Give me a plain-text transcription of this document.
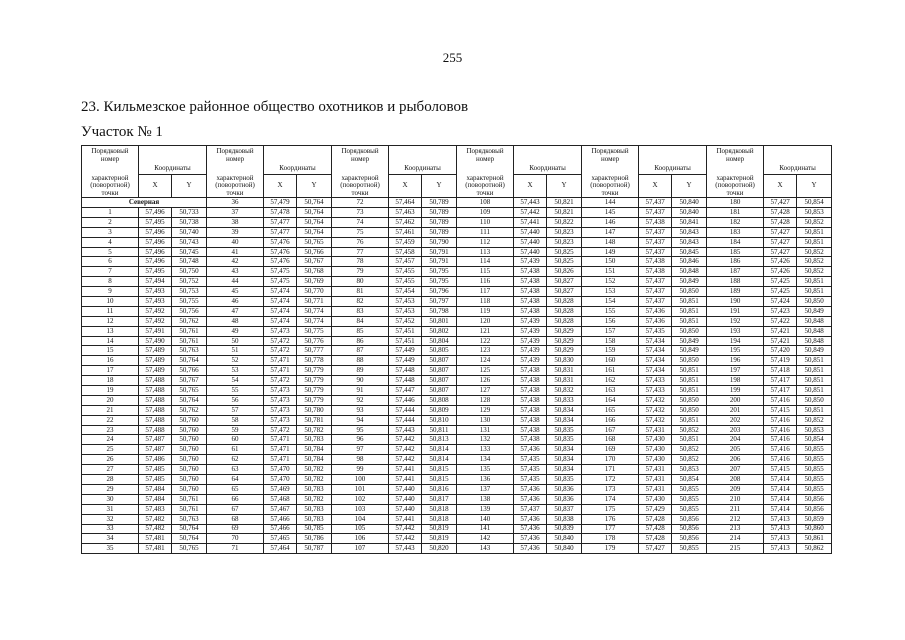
255
23. Кильмезское районное общество охотников и рыболовов
Участок № 1
Порядковый номер	Координаты		Порядковый номер	Координаты		Порядковый номер	Координаты		Порядковый номер	Координаты		Порядковый номер	Координаты		Порядковый номер	Координаты	
характерной (поворотной) точки	X	Y	характерной (поворотной) точки	X	Y	характерной (поворотной) точки	X	Y	характерной (поворотной) точки	X	Y	характерной (поворотной) точки	X	Y	характерной (поворотной) точки	X	Y
Северная			36	57,479	50,764	72	57,464	50,789	108	57,443	50,821	144	57,437	50,840	180	57,427	50,854
1	57,496	50,733	37	57,478	50,764	73	57,463	50,789	109	57,442	50,821	145	57,437	50,840	181	57,428	50,853
2	57,495	50,738	38	57,477	50,764	74	57,462	50,789	110	57,441	50,822	146	57,438	50,841	182	57,428	50,852
3	57,496	50,740	39	57,477	50,764	75	57,461	50,789	111	57,440	50,823	147	57,437	50,843	183	57,427	50,851
4	57,496	50,743	40	57,476	50,765	76	57,459	50,790	112	57,440	50,823	148	57,437	50,843	184	57,427	50,851
5	57,496	50,745	41	57,476	50,766	77	57,458	50,791	113	57,440	50,825	149	57,437	50,845	185	57,427	50,852
6	57,496	50,748	42	57,476	50,767	78	57,457	50,791	114	57,439	50,825	150	57,438	50,846	186	57,426	50,852
7	57,495	50,750	43	57,475	50,768	79	57,455	50,795	115	57,438	50,826	151	57,438	50,848	187	57,426	50,852
8	57,494	50,752	44	57,475	50,769	80	57,455	50,795	116	57,438	50,827	152	57,437	50,849	188	57,425	50,851
9	57,493	50,753	45	57,474	50,770	81	57,454	50,796	117	57,438	50,827	153	57,437	50,850	189	57,425	50,851
10	57,493	50,755	46	57,474	50,771	82	57,453	50,797	118	57,438	50,828	154	57,437	50,851	190	57,424	50,850
11	57,492	50,756	47	57,474	50,774	83	57,453	50,798	119	57,438	50,828	155	57,436	50,851	191	57,423	50,849
12	57,492	50,762	48	57,474	50,774	84	57,452	50,801	120	57,439	50,828	156	57,436	50,851	192	57,422	50,848
13	57,491	50,761	49	57,473	50,775	85	57,451	50,802	121	57,439	50,829	157	57,435	50,850	193	57,421	50,848
14	57,490	50,761	50	57,472	50,776	86	57,451	50,804	122	57,439	50,829	158	57,434	50,849	194	57,421	50,848
15	57,489	50,763	51	57,472	50,777	87	57,449	50,805	123	57,439	50,829	159	57,434	50,849	195	57,420	50,849
16	57,489	50,764	52	57,471	50,778	88	57,449	50,807	124	57,439	50,830	160	57,434	50,850	196	57,419	50,851
17	57,489	50,766	53	57,471	50,779	89	57,448	50,807	125	57,438	50,831	161	57,434	50,851	197	57,418	50,851
18	57,488	50,767	54	57,472	50,779	90	57,448	50,807	126	57,438	50,831	162	57,433	50,851	198	57,417	50,851
19	57,488	50,765	55	57,473	50,779	91	57,447	50,807	127	57,438	50,832	163	57,433	50,851	199	57,417	50,851
20	57,488	50,764	56	57,473	50,779	92	57,446	50,808	128	57,438	50,833	164	57,432	50,850	200	57,416	50,850
21	57,488	50,762	57	57,473	50,780	93	57,444	50,809	129	57,438	50,834	165	57,432	50,850	201	57,415	50,851
22	57,488	50,760	58	57,473	50,781	94	57,444	50,810	130	57,438	50,834	166	57,432	50,851	202	57,416	50,852
23	57,488	50,760	59	57,472	50,782	95	57,443	50,811	131	57,438	50,835	167	57,431	50,852	203	57,416	50,853
24	57,487	50,760	60	57,471	50,783	96	57,442	50,813	132	57,438	50,835	168	57,430	50,851	204	57,416	50,854
25	57,487	50,760	61	57,471	50,784	97	57,442	50,814	133	57,436	50,834	169	57,430	50,852	205	57,416	50,855
26	57,486	50,760	62	57,471	50,784	98	57,442	50,814	134	57,435	50,834	170	57,430	50,852	206	57,416	50,855
27	57,485	50,760	63	57,470	50,782	99	57,441	50,815	135	57,435	50,834	171	57,431	50,853	207	57,415	50,855
28	57,485	50,760	64	57,470	50,782	100	57,441	50,815	136	57,435	50,835	172	57,431	50,854	208	57,414	50,855
29	57,484	50,760	65	57,469	50,783	101	57,440	50,816	137	57,436	50,836	173	57,431	50,855	209	57,414	50,855
30	57,484	50,761	66	57,468	50,782	102	57,440	50,817	138	57,436	50,836	174	57,430	50,855	210	57,414	50,856
31	57,483	50,761	67	57,467	50,783	103	57,440	50,818	139	57,437	50,837	175	57,429	50,855	211	57,414	50,856
32	57,482	50,763	68	57,466	50,783	104	57,441	50,818	140	57,436	50,838	176	57,428	50,856	212	57,413	50,859
33	57,482	50,764	69	57,466	50,785	105	57,442	50,819	141	57,436	50,839	177	57,428	50,856	213	57,413	50,860
34	57,481	50,764	70	57,465	50,786	106	57,442	50,819	142	57,436	50,840	178	57,428	50,856	214	57,413	50,861
35	57,481	50,765	71	57,464	50,787	107	57,443	50,820	143	57,436	50,840	179	57,427	50,855	215	57,413	50,862
